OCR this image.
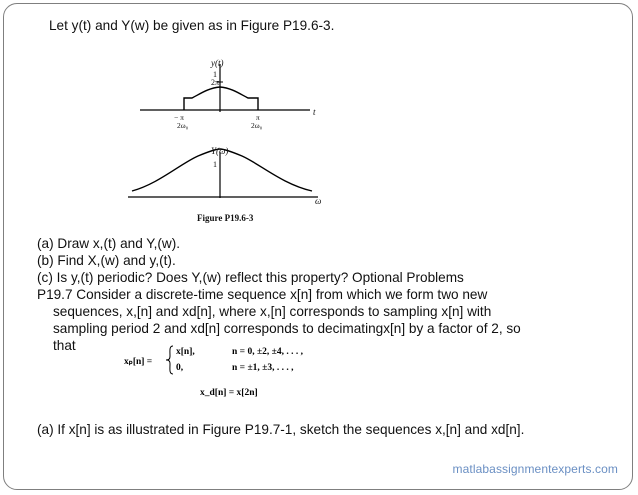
Let y(t) and Y(w) be given as in Figure P19.6-3.
y(t)
1
2π
t
− π
2ω₀
π
2ω₀
Y(ω)
1
ω
Figure P19.6-3
(a) Draw x,(t) and Y,(w).
(b) Find X,(w) and y,(t).
(c) Is y,(t) periodic? Does Y,(w) reflect this property? Optional Problems
P19.7 Consider a discrete-time sequence x[n] from which we form two new
sequences, x,[n] and xd[n], where x,[n] corresponds to sampling x[n] with
sampling period 2 and xd[n] corresponds to decimatingx[n] by a factor of 2, so
that
xₚ[n] =
x[n],	n = 0, ±2, ±4, . . . ,
0,	n = ±1, ±3, . . . ,
x_d[n] = x[2n]
(a) If x[n] is as illustrated in Figure P19.7-1, sketch the sequences x,[n] and xd[n].
matlabassignmentexperts.com
